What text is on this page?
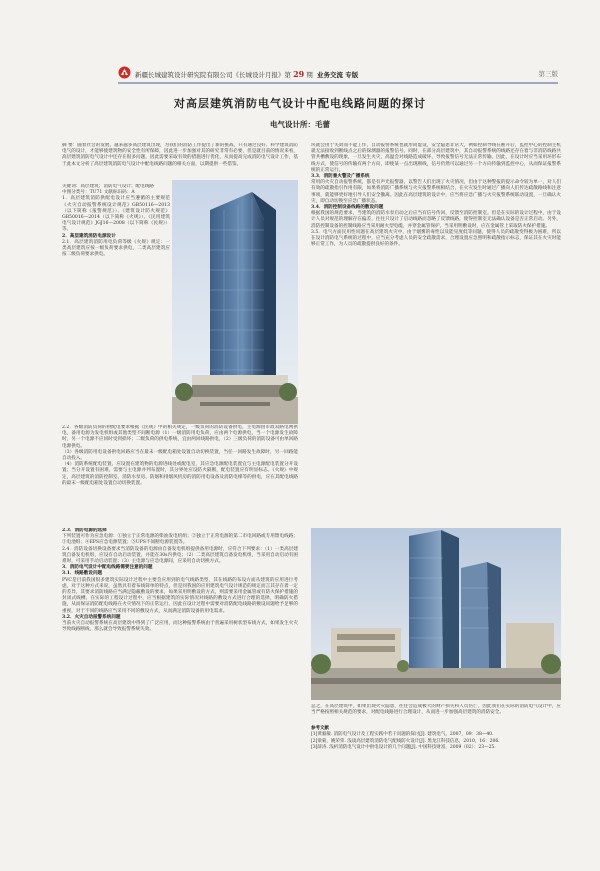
新疆长城建筑设计研究院有限公司《长城设计月报》第 29 期 业务交流 专版	第三版
对高层建筑消防电气设计中配电线路问题的探讨
电气设计所：毛蕾

摘 要：随着社会的发展，越来越多高层建筑出现，为我们的消防工作提出了新的挑战，只有通过良好、科学建筑消防电气的设计，才能够使建筑物的安全性有所保障，因此进一步加强对其的研究非常有必要，但是就目前的情况来看，高层建筑消防电气设计中还存在很多问题，因此需要采取有效的措施进行优化，从而提高完成消防电气设计工作，基于此本文分析了高层建筑消防电气设计中配电线路问题的相关方面，以期提供一些借鉴。

关键词：高层建筑；消防电气设计；配电线路

中图分类号：TU71 文献标识码：A

1．高层建筑消防供配电设计应当遵循的主要规范《火灾自动报警系统设计规范》GB50116—2013（以下简称《报警规范》）、《建筑设计防火规范》GB50016—2014（以下简称《火规》）、《民用建筑电气设计规范》JGJ16—2008（以下简称《民规》）等。

2．高层建筑消防电源设计

2.1．高层建筑消防用电负荷等级《火规》规定：一类高层建筑应按一级负荷要求供电，二类高层建筑应按二级负荷要求供电。

2.2．各级消防负荷的供配电要求根据《民规》中的相关规定，一级负荷的消防设备供电，主电源由市政双路电网供电，备用电源为发电机组或其他类型不间断电源（1）一级消防用电负荷，应由两个电源供电，当一个电源发生故障时，另一个电源不应同时受到损坏；二级负荷的供电系统，宜由两回线路供电，（2）三级负荷的消防设备可由单回路电源供电。

（3）各级消防用电设备供电回路应当在最末一级配电箱处设置自动切换装置，当任一回路发生故障时，另一回路能自动投入。

（4）消防系统配电装置，应设置在建筑物的电源进线处或配电室，其应急电源配电装置宜与主电源配电装置分开设置；当分开设置有困难，需要与主电源并列布置时，其分界处应设防火隔断，配电装置应有明显标志。《火规》中规定，高层建筑的消防控制室、消防水泵房、防烟和排烟风机房的消防用电设备及消防电梯等的供电，应在其配电线路的最末一级配电箱处设置自动切换装置。

2.3．消防电源的选择

下列装置可作为应急电源：①独立于正常电源的柴油发电机组；②独立于正常电源的第二市电回路或专用馈电线路；③电池组；④EPS应急电源装置；⑤UPS不间断电源装置等。

2.4．消防设备切换设备要求当消防设备的电源由自备发电机组提供备用电源时，应符合下列要求：（1）一类高层建筑自备发电机组，应设有自动启动装置，并能在30s内供电；（2）二类高层建筑自备发电机组，当采用自动启动有困难时，可采用手动启动装置；（3）主电源与应急电源间，应采用自动切换方式。

3．消防电气设计中配电线路需要注意的问题

3.1．线路敷设问题

PVC是目前我国很多建筑实际设计过程中主要会应用到的电气线路类型，其在线路的布设方面从建筑的应用进行考虑，对于这种方式来说，虽然具有着布线简单的特点，但是同我国的应用建筑电气设计规范的规定而言其存在着一定的差异，其要求消防线路应当满足隐蔽敷设的要求，如果采用明敷设的方式，则需要采用金属管或有防火保护措施的封闭式线槽。在实际的工程设计过程中，应当根据建筑的实际情况对线路的敷设方式进行合理的选择，明确防火措施，从而保证消防配电线路在火灾情况下的正常运行，因此在设计过程中需要对消防配电线路的敷设问题给予足够的重视，对于不同的线路应当采用不同的敷设方式，从而满足消防设备的用电需求。

3.2．火灾自动报警系统问题

当前火灾自动报警系统在高层建筑中得到了广泛应用，而这种报警系统由于普遍采用树状型布线方式，如果发生火灾导致线路断线，那么就会导致报警系统失效。

块就会由于失效而不能工作，自动报警系统也就形同虚设，安全隐患非常大，例如控制导线在断开后，监控中心的控制主机就无法接收到断线点之后的探测器的报警信号。同时，在部分高层建筑中，其自动报警系统的线路还存在着与非消防线路共管共槽敷设的现象，一旦发生火灾，高温会对线路造成破坏，导致报警信号无法正常传输。因此，在设计时应当采用环形布线方式，使信号的传输有两个方向，即使某一点出现断线，信号仍然可以通过另一个方向传输到监控中心，从而保证报警系统的正常运行。

3.3．消防兼火警及广播系统

常用的火灾自动报警系统，都是有声光报警器，以警告人们出现了火灾情况，但由于这种警报的提示命令较为单一，对人们有效的疏散指引作用有限，如果将消防广播系统与火灾报警系统相结合，在火灾发生时通过广播向人们传达疏散路线和注意事项，就能够更好地引导人们安全撤离。因此在高层建筑的设计中，应当将应急广播与火灾报警系统联动设置，一旦确认火灾，即自动切换至应急广播状态。

3.4．消防控制设备线路的敷设问题

根据我国的规范要求，当建筑的消防水泵启动之后应当有信号传回，反馈至消防控制室。但是在实际的设计过程中，由于设计人员对规范的理解存在偏差，往往只设计了启动线路而忽略了反馈线路，使得控制室无法确认设备是否正常启动。另外，消防控制设备的控制线路应当采用耐火型电缆，并穿金属管保护，当采用明敷设时，应在金属管上采取防火保护措施。

3.5．电气方面民用性问题在高层建筑火灾中，由于烟雾的毒性以及能见度低等问题，使得人员的疏散变得极为困难，所以在设计消防电气系统的过程中，应当充分考虑人员的安全疏散需求，合理设置应急照明和疏散指示标志，保证其在火灾时能够正常工作，为人员的疏散提供良好的条件。

总之，在高层建筑中，如果出现火灾隐患，往往会造成极大的财产损失和人员伤亡，因此我们在实际的消防电气设计中，应当严格按照相关规范的要求，对配电线路进行合理设计，从而进一步加强高层建筑的消防安全。

参考文献

[1]黄毅敏. 消防电气设计及工程实践中若干问题的探讨[J]. 建筑电气，2007，09：38—40.

[2]梁菊，姚荣荣. 浅谈高层建筑消防电气配线防火设计[J]. 黑龙江科技信息，2010，16：206.

[3]薛涛. 浅析消防电气设计中供电设计的几个问题[J]. 中国科技财富，2009（02）：23—25.
